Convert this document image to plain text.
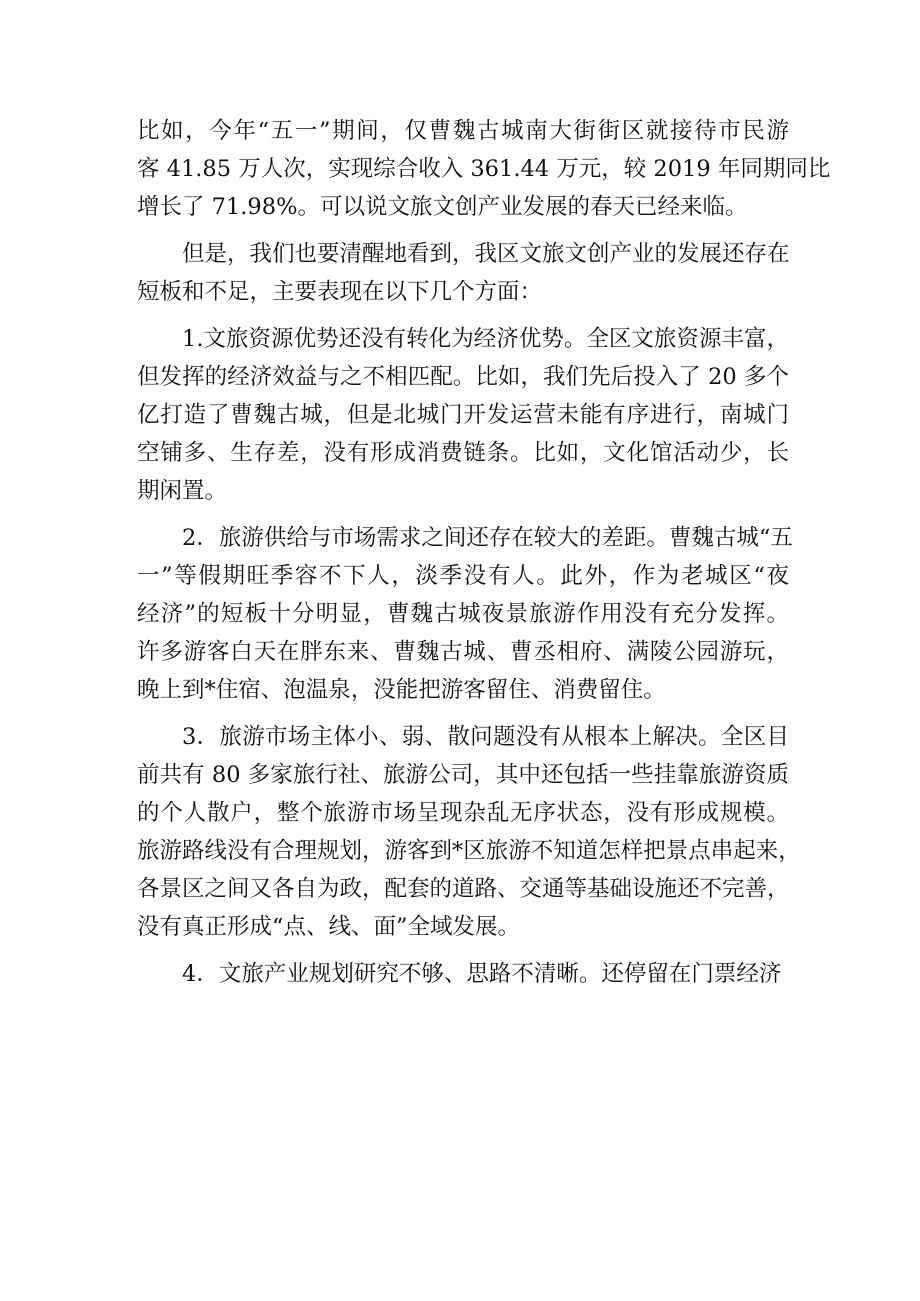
比如，今年“五一”期间，仅曹魏古城南大街街区就接待市民游
客 41.85 万人次，实现综合收入 361.44 万元，较 2019 年同期同比
增长了 71.98%。可以说文旅文创产业发展的春天已经来临。
但是，我们也要清醒地看到，我区文旅文创产业的发展还存在
短板和不足，主要表现在以下几个方面：
1.文旅资源优势还没有转化为经济优势。全区文旅资源丰富，
但发挥的经济效益与之不相匹配。比如，我们先后投入了 20 多个
亿打造了曹魏古城，但是北城门开发运营未能有序进行，南城门
空铺多、生存差，没有形成消费链条。比如，文化馆活动少，长
期闲置。
2．旅游供给与市场需求之间还存在较大的差距。曹魏古城“五
一”等假期旺季容不下人，淡季没有人。此外，作为老城区“夜
经济”的短板十分明显，曹魏古城夜景旅游作用没有充分发挥。
许多游客白天在胖东来、曹魏古城、曹丞相府、满陵公园游玩，
晚上到*住宿、泡温泉，没能把游客留住、消费留住。
3．旅游市场主体小、弱、散问题没有从根本上解决。全区目
前共有 80 多家旅行社、旅游公司，其中还包括一些挂靠旅游资质
的个人散户，整个旅游市场呈现杂乱无序状态，没有形成规模。
旅游路线没有合理规划，游客到*区旅游不知道怎样把景点串起来，
各景区之间又各自为政，配套的道路、交通等基础设施还不完善，
没有真正形成“点、线、面”全域发展。
4．文旅产业规划研究不够、思路不清晰。还停留在门票经济
